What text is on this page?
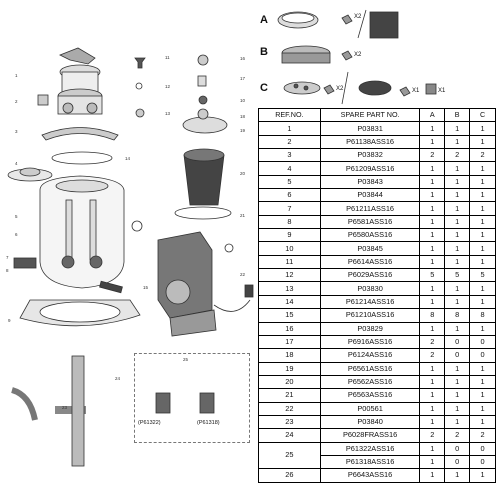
1
2
3
4
5
6
7
8
9
10
11
12
13
14
15
16
17
18
19
20
21
22
23
24
25
(P61322)	(P61318)
A
B
C
X2
X2
X2	X1	X1
REF.NO.	SPARE PART NO.	A	B	C
1	P03831	1	1	1
2	P61138ASS16	1	1	1
3	P03832	2	2	2
4	P61209ASS16	1	1	1
5	P03843	1	1	1
6	P03844	1	1	1
7	P61211ASS16	1	1	1
8	P6581ASS16	1	1	1
9	P6580ASS16	1	1	1
10	P03845	1	1	1
11	P6614ASS16	1	1	1
12	P6029ASS16	5	5	5
13	P03830	1	1	1
14	P61214ASS16	1	1	1
15	P61210ASS16	8	8	8
16	P03829	1	1	1
17	P6916ASS16	2	0	0
18	P6124ASS16	2	0	0
19	P6561ASS16	1	1	1
20	P6562ASS16	1	1	1
21	P6563ASS16	1	1	1
22	P00561	1	1	1
23	P03840	1	1	1
24	P6028FRASS16	2	2	2
25	P61322ASS16	1	0	0
	P61318ASS16	1	0	0
26	P6643ASS16	1	1	1
